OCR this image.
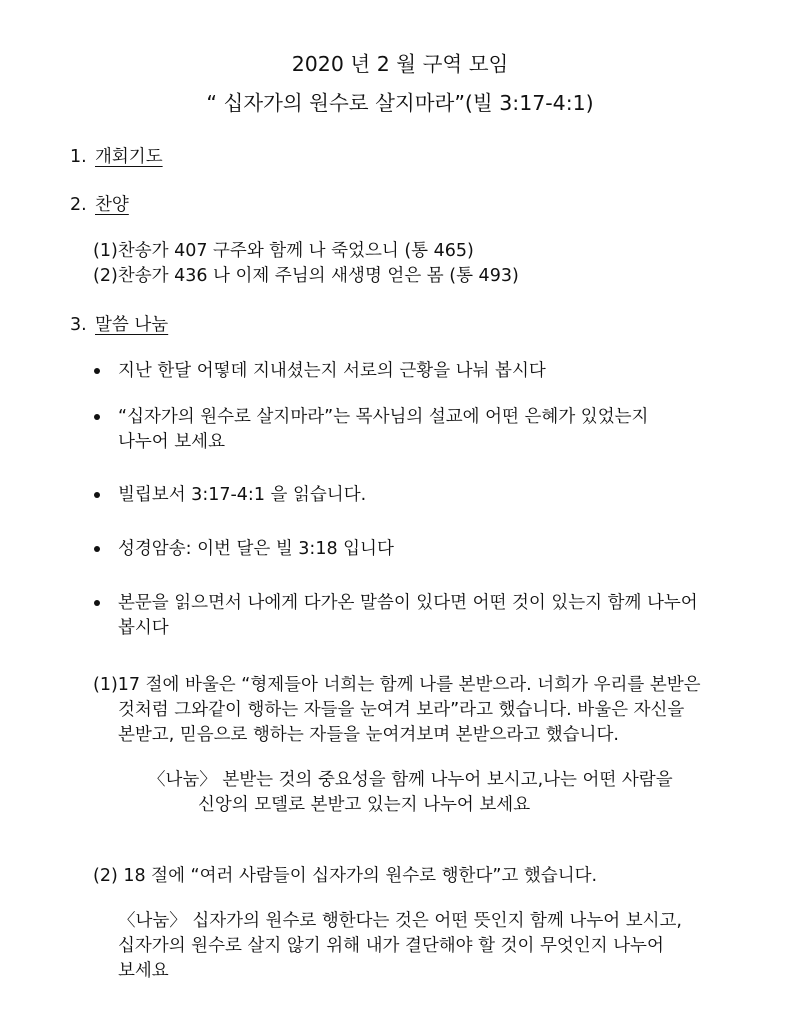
2020 년 2 월 구역 모임
“ 십자가의 원수로 살지마라”(빌 3:17-4:1)
1. 개회기도
2. 찬양
(1)찬송가 407 구주와 함께 나 죽었으니 (통 465)
(2)찬송가 436 나 이제 주님의 새생명 얻은 몸 (통 493)
3. 말씀 나눔
지난 한달 어떻데 지내셨는지 서로의 근황을 나눠 봅시다
“십자가의 원수로 살지마라”는 목사님의 설교에 어떤 은혜가 있었는지
나누어 보세요
빌립보서 3:17-4:1 을 읽습니다.
성경암송: 이번 달은 빌 3:18 입니다
본문을 읽으면서 나에게 다가온 말씀이 있다면 어떤 것이 있는지 함께 나누어
봅시다
(1)17 절에 바울은 “형제들아 너희는 함께 나를 본받으라. 너희가 우리를 본받은
것처럼 그와같이 행하는 자들을 눈여겨 보라”라고 했습니다. 바울은 자신을
본받고, 믿음으로 행하는 자들을 눈여겨보며 본받으라고 했습니다.
〈나눔〉 본받는 것의 중요성을 함께 나누어 보시고,나는 어떤 사람을
신앙의 모델로 본받고 있는지 나누어 보세요
(2) 18 절에 “여러 사람들이 십자가의 원수로 행한다”고 했습니다.
〈나눔〉 십자가의 원수로 행한다는 것은 어떤 뜻인지 함께 나누어 보시고,
십자가의 원수로 살지 않기 위해 내가 결단해야 할 것이 무엇인지 나누어
보세요
